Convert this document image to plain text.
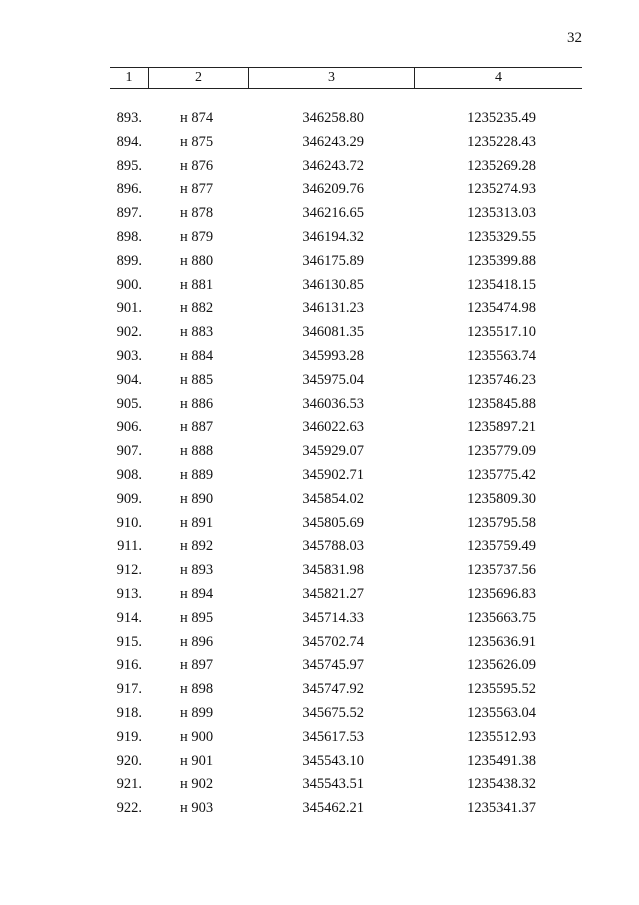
32
1	2	3	4
893.	н 874	346258.80	1235235.49
894.	н 875	346243.29	1235228.43
895.	н 876	346243.72	1235269.28
896.	н 877	346209.76	1235274.93
897.	н 878	346216.65	1235313.03
898.	н 879	346194.32	1235329.55
899.	н 880	346175.89	1235399.88
900.	н 881	346130.85	1235418.15
901.	н 882	346131.23	1235474.98
902.	н 883	346081.35	1235517.10
903.	н 884	345993.28	1235563.74
904.	н 885	345975.04	1235746.23
905.	н 886	346036.53	1235845.88
906.	н 887	346022.63	1235897.21
907.	н 888	345929.07	1235779.09
908.	н 889	345902.71	1235775.42
909.	н 890	345854.02	1235809.30
910.	н 891	345805.69	1235795.58
911.	н 892	345788.03	1235759.49
912.	н 893	345831.98	1235737.56
913.	н 894	345821.27	1235696.83
914.	н 895	345714.33	1235663.75
915.	н 896	345702.74	1235636.91
916.	н 897	345745.97	1235626.09
917.	н 898	345747.92	1235595.52
918.	н 899	345675.52	1235563.04
919.	н 900	345617.53	1235512.93
920.	н 901	345543.10	1235491.38
921.	н 902	345543.51	1235438.32
922.	н 903	345462.21	1235341.37
